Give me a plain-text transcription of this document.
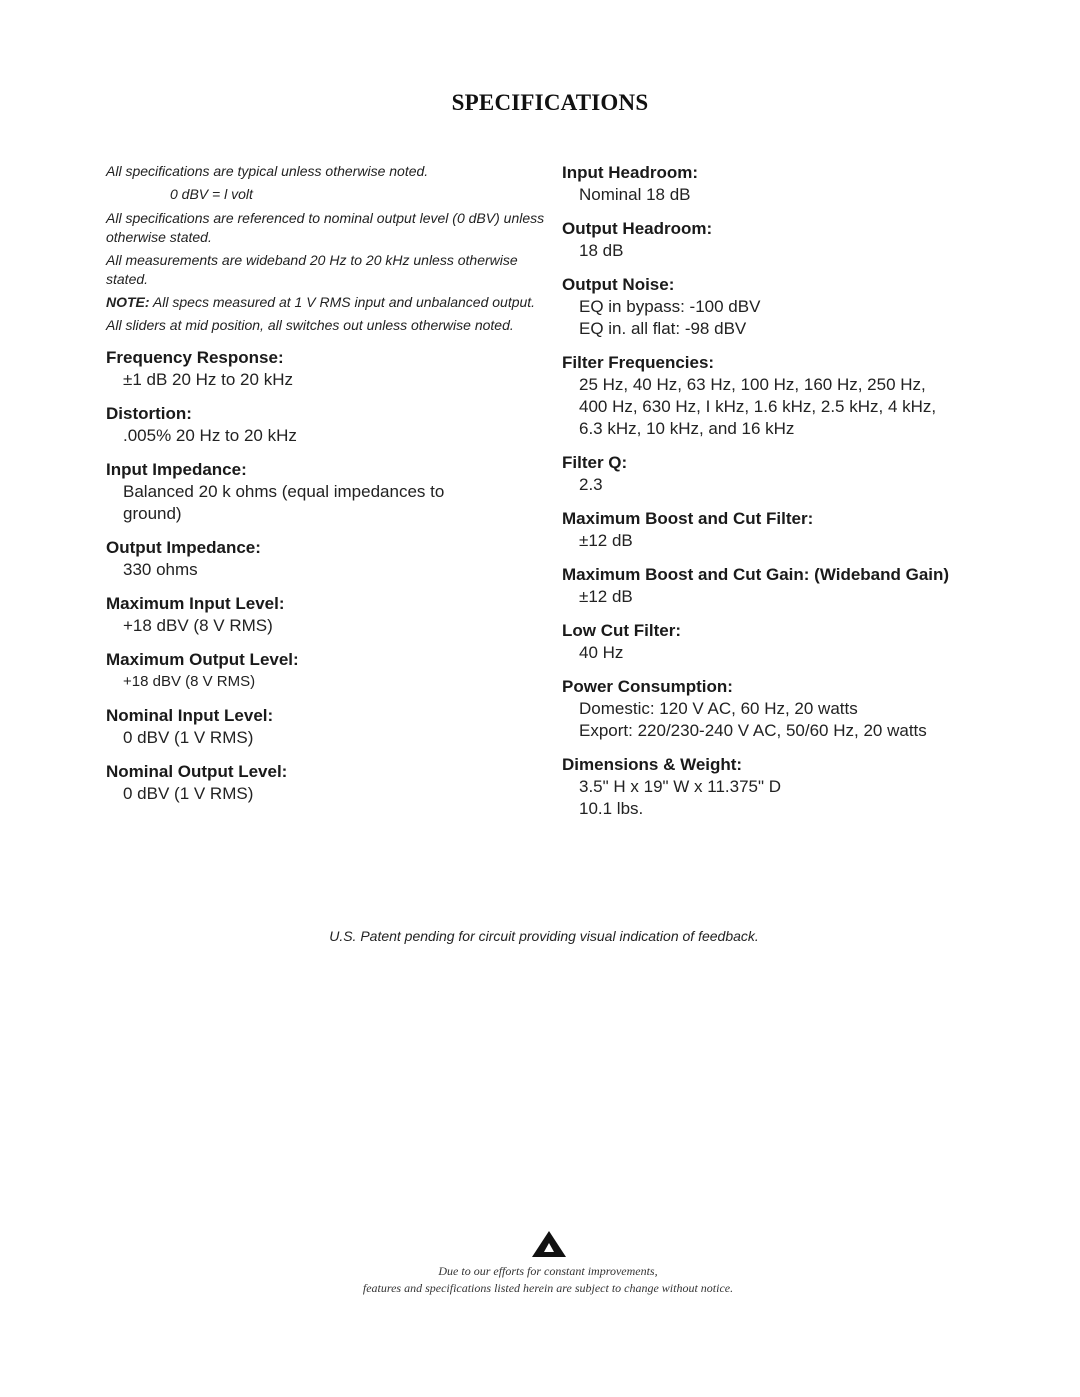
SPECIFICATIONS
All specifications are typical unless otherwise noted.
0 dBV = l volt
All specifications are referenced to nominal output level (0 dBV) unless otherwise stated.
All measurements are wideband 20 Hz to 20 kHz unless otherwise stated.
NOTE: All specs measured at 1 V RMS input and unbalanced output.
All sliders at mid position, all switches out unless otherwise noted.
Frequency Response:
±1 dB 20 Hz to 20 kHz
Distortion:
.005% 20 Hz to 20 kHz
Input Impedance:
Balanced 20 k ohms (equal impedances to
ground)
Output Impedance:
330 ohms
Maximum Input Level:
+18 dBV (8 V RMS)
Maximum Output Level:
+18 dBV (8 V RMS)
Nominal Input Level:
0 dBV (1 V RMS)
Nominal Output Level:
0 dBV (1 V RMS)
Input Headroom:
Nominal 18 dB
Output Headroom:
18 dB
Output Noise:
EQ in bypass: -100 dBV
EQ in. all flat: -98 dBV
Filter Frequencies:
25 Hz, 40 Hz, 63 Hz, 100 Hz, 160 Hz, 250 Hz,
400 Hz, 630 Hz, I kHz, 1.6 kHz, 2.5 kHz, 4 kHz,
6.3 kHz, 10 kHz, and 16 kHz
Filter Q:
2.3
Maximum Boost and Cut Filter:
±12 dB
Maximum Boost and Cut Gain: (Wideband Gain)
±12 dB
Low Cut Filter:
40 Hz
Power Consumption:
Domestic: 120 V AC, 60 Hz, 20 watts
Export: 220/230-240 V AC, 50/60 Hz, 20 watts
Dimensions & Weight:
3.5" H x 19" W x 11.375" D
10.1 lbs.
U.S. Patent pending for circuit providing visual indication of feedback.
Due to our efforts for constant improvements,
features and specifications listed herein are subject to change without notice.
